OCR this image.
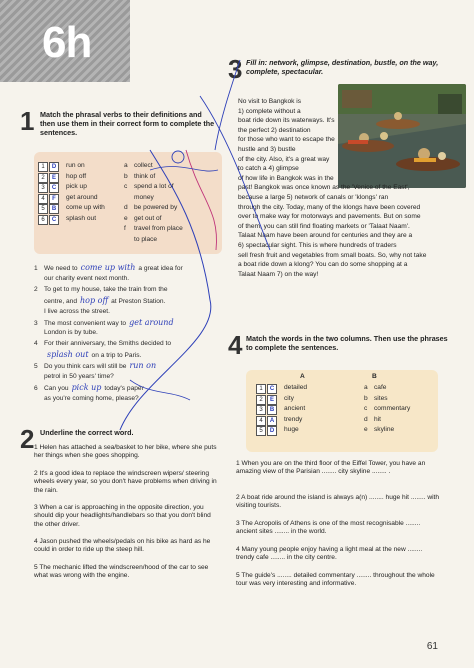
6h
1 Match the phrasal verbs to their definitions and then use them in their correct form to complete the sentences.
1 D run on
2 E hop off
3 C pick up
4 F get around
5 B come up with
6 C splash out
a collect
b think of
c spend a lot of
money
d be powered by
e get out of
f travel from place
to place
1 We need to come up with a great idea for
our charity event next month.
2 To get to my house, take the train from the
centre, and hop off at Preston Station.
I live across the street.
3 The most convenient way to get around
London is by tube.
4 For their anniversary, the Smiths decided to
splash out on a trip to Paris.
5 Do you think cars will still be run on
petrol in 50 years' time?
6 Can you pick up today's paper
as you're coming home, please?
2 Underline the correct word.
1 Helen has attached a sea/basket to her bike, where she puts her things when she goes shopping.
2 It's a good idea to replace the windscreen wipers/ steering wheels every year, so you don't have problems when driving in the rain.
3 When a car is approaching in the opposite direction, you should dip your headlights/handlebars so that you don't blind the other driver.
4 Jason pushed the wheels/pedals on his bike as hard as he could in order to ride up the steep hill.
5 The mechanic lifted the windscreen/hood of the car to see what was wrong with the engine.
3 Fill in: network, glimpse, destination, bustle, on the way, complete, spectacular.
No visit to Bangkok is
1) complete without a
boat ride down its waterways. It's
the perfect 2) destination
for those who want to escape the
hustle and 3) bustle
of the city. Also, it's a great way
to catch a 4) glimpse
of how life in Bangkok was in the
past! Bangkok was once known as the 'Venice of the East',
because a large 5) network of canals or 'klongs' ran
through the city. Today, many of the klongs have been covered
over to make way for motorways and pavements. But on some
of them, you can still find floating markets or 'Talaat Naam'.
Talaat Naam have been around for centuries and they are a
6) spectacular sight. This is where hundreds of traders
sell fresh fruit and vegetables from small boats. So, why not take
a boat ride down a klong? You can do some shopping at a
Talaat Naam 7) on the way!
4 Match the words in the two columns. Then use the phrases to complete the sentences.
A	B
1 C detailed
2 E city
3 B ancient
4 A trendy
5 D huge
a cafe
b sites
c commentary
d hit
e skyline
1 When you are on the third floor of the Eiffel Tower, you have an amazing view of the Parisian ........ city skyline ........ .
2 A boat ride around the island is always a(n) ........ huge hit ........ with visiting tourists.
3 The Acropolis of Athens is one of the most recognisable ........ ancient sites ........ in the world.
4 Many young people enjoy having a light meal at the new ........ trendy cafe ........ in the city centre.
5 The guide's ........ detailed commentary ........ throughout the whole tour was very interesting and informative.
61
